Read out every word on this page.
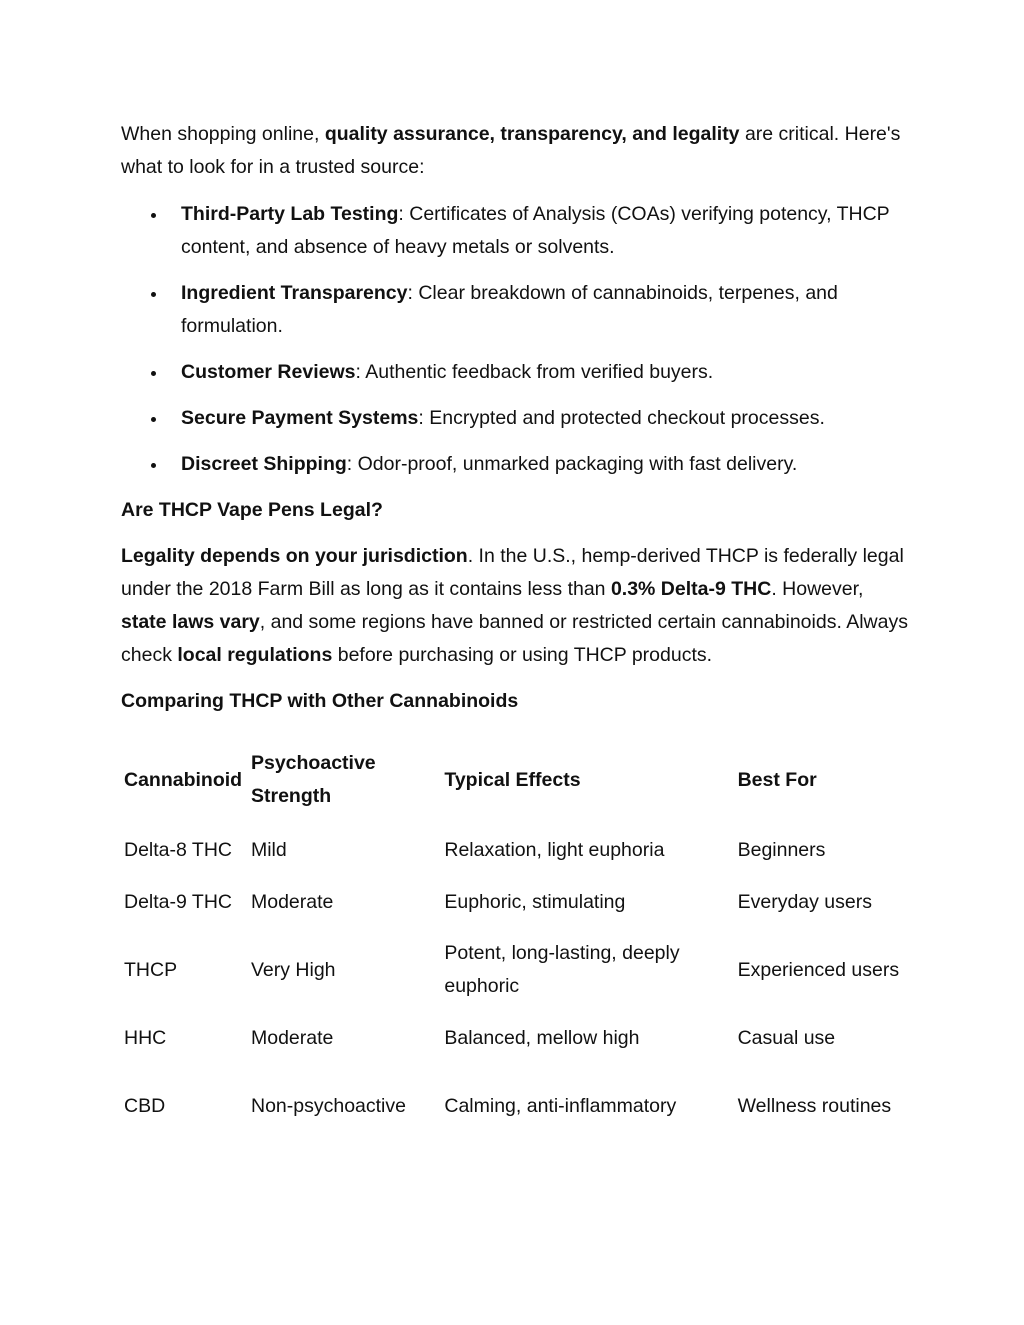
When shopping online, quality assurance, transparency, and legality are critical. Here's what to look for in a trusted source:

Third-Party Lab Testing: Certificates of Analysis (COAs) verifying potency, THCP content, and absence of heavy metals or solvents.
Ingredient Transparency: Clear breakdown of cannabinoids, terpenes, and formulation.
Customer Reviews: Authentic feedback from verified buyers.
Secure Payment Systems: Encrypted and protected checkout processes.
Discreet Shipping: Odor-proof, unmarked packaging with fast delivery.

Are THCP Vape Pens Legal?

Legality depends on your jurisdiction. In the U.S., hemp-derived THCP is federally legal under the 2018 Farm Bill as long as it contains less than 0.3% Delta-9 THC. However, state laws vary, and some regions have banned or restricted certain cannabinoids. Always check local regulations before purchasing or using THCP products.

Comparing THCP with Other Cannabinoids

Cannabinoid	Psychoactive Strength	Typical Effects	Best For
Delta-8 THC	Mild	Relaxation, light euphoria	Beginners
Delta-9 THC	Moderate	Euphoric, stimulating	Everyday users
THCP	Very High	Potent, long-lasting, deeply euphoric	Experienced users
HHC	Moderate	Balanced, mellow high	Casual use
CBD	Non-psychoactive	Calming, anti-inflammatory	Wellness routines
